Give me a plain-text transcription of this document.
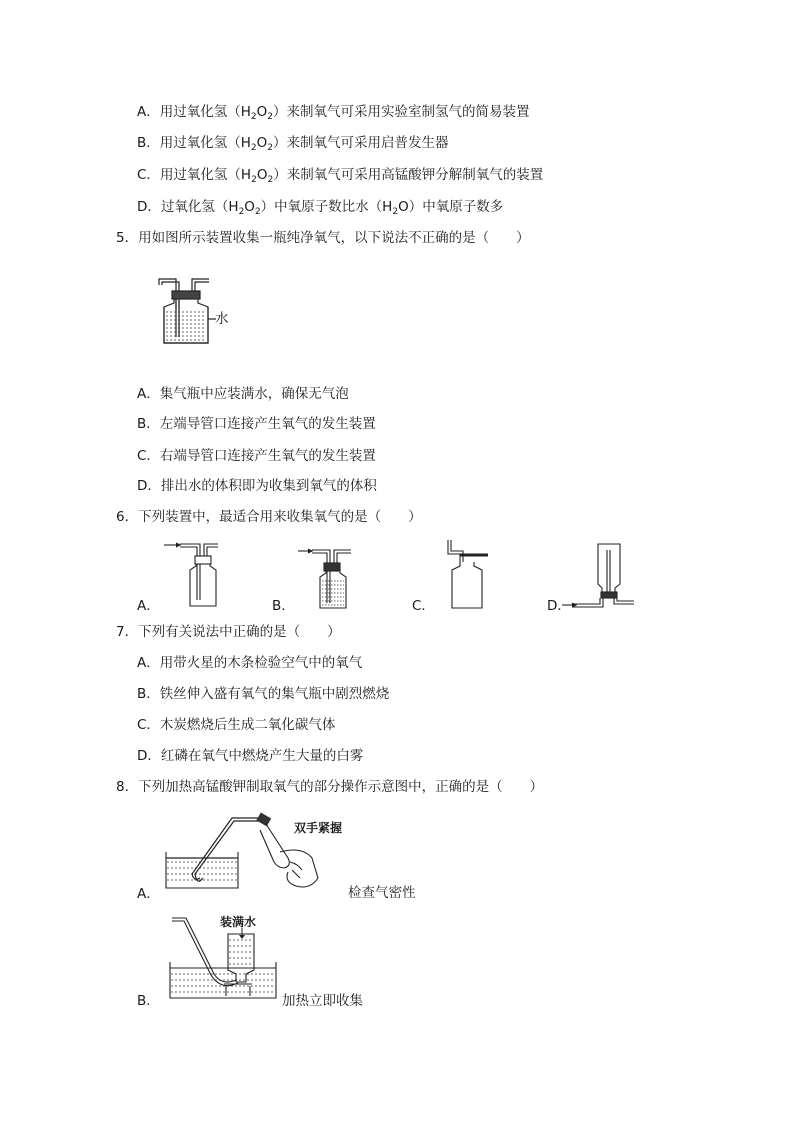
A．用过氧化氢$(H_2O_2)$来制氧气可采用实验室制氢气的简易装置
B．用过氧化氢$(H_2O_2)$来制氧气可采用启普发生器
C．用过氧化氢$(H_2O_2)$来制氧气可采用高锰酸钾分解制氧气的装置
D．过氧化氢$(H_2O_2)$中氧原子数比水$(H_2O)$中氧原子数多
5．用如图所示装置收集一瓶纯净氧气，以下说法不正确的是（　　）
水
A．集气瓶中应装满水，确保无气泡
B．左端导管口连接产生氧气的发生装置
C．右端导管口连接产生氧气的发生装置
D．排出水的体积即为收集到氧气的体积
6．下列装置中，最适合用来收集氧气的是（　　）
A．	B．	C．	D．
7．下列有关说法中正确的是（　　）
A．用带火星的木条检验空气中的氧气
B．铁丝伸入盛有氧气的集气瓶中剧烈燃烧
C．木炭燃烧后生成二氧化碳气体
D．红磷在氧气中燃烧产生大量的白雾
8．下列加热高锰酸钾制取氧气的部分操作示意图中，正确的是（　　）
双手紧握
A．	检查气密性
装满水
B．	加热立即收集
